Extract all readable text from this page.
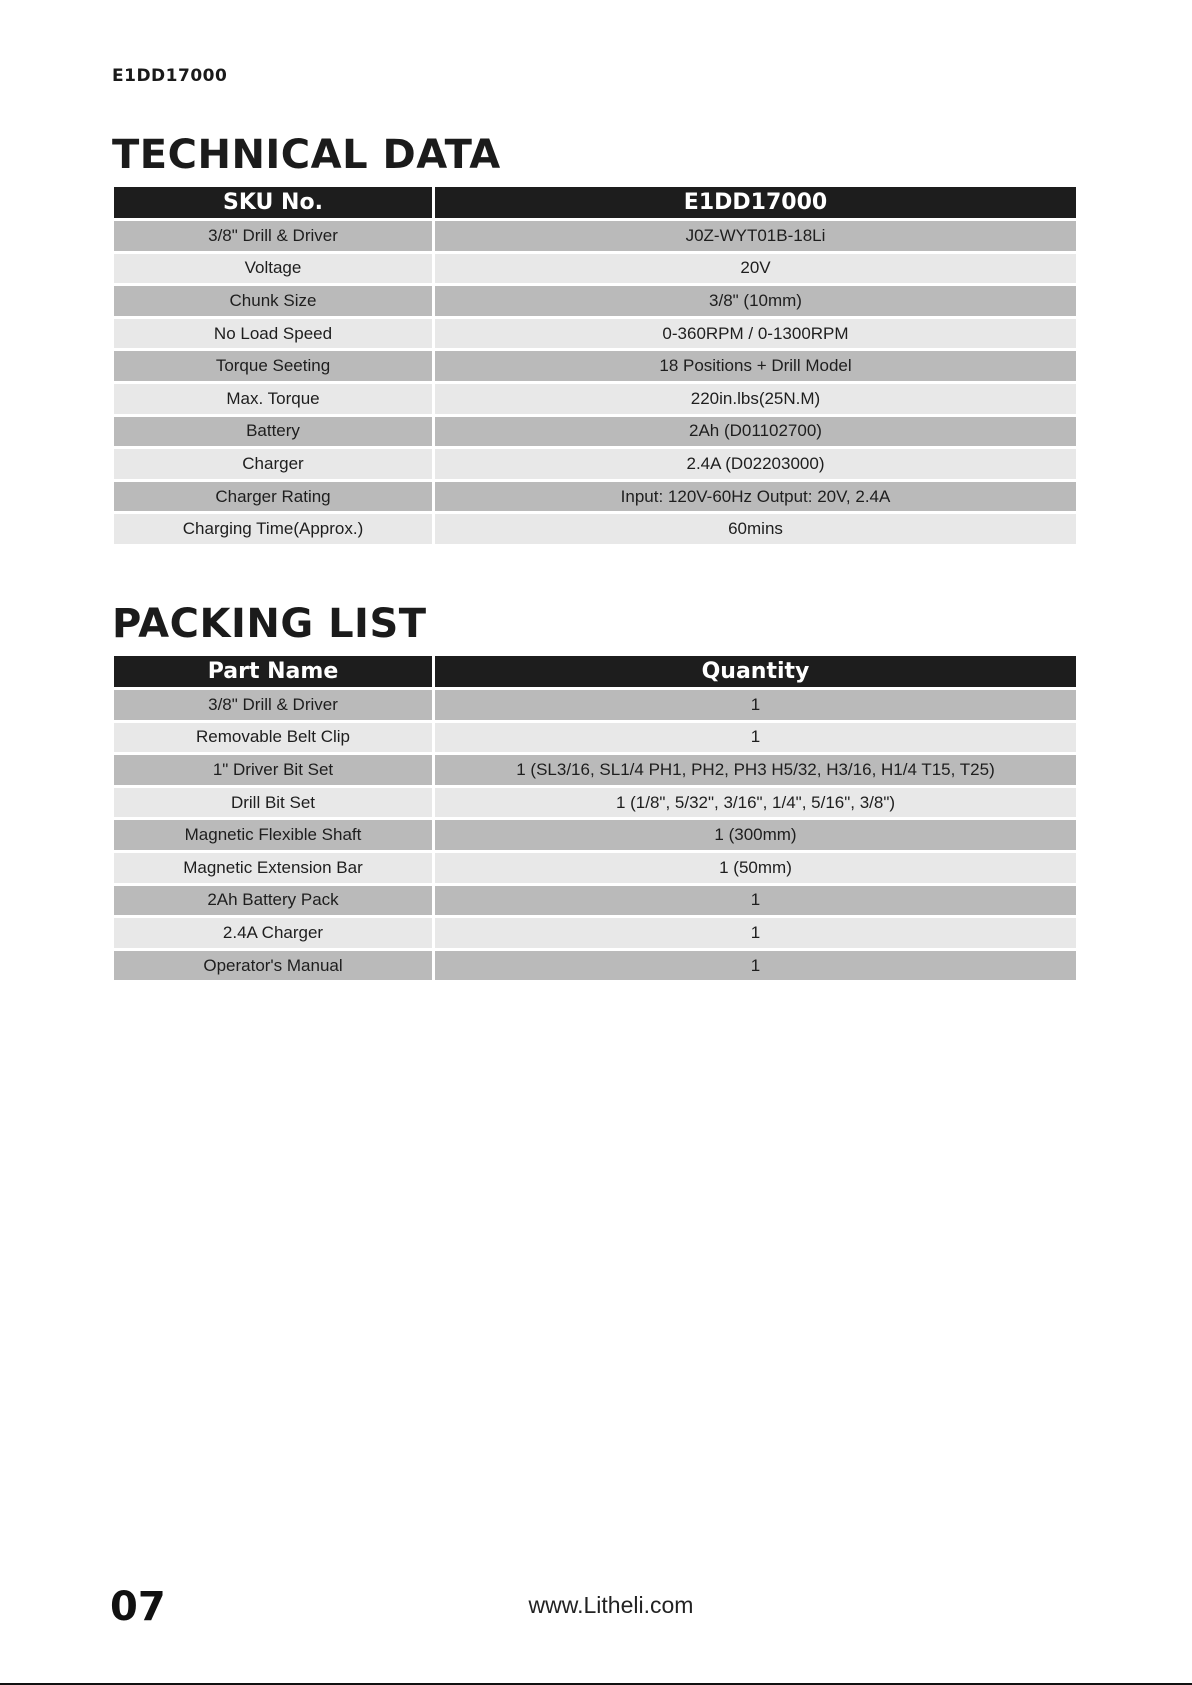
E1DD17000
TECHNICAL DATA
SKU No.	E1DD17000
3/8" Drill & Driver	J0Z-WYT01B-18Li
Voltage	20V
Chunk Size	3/8" (10mm)
No Load Speed	0-360RPM / 0-1300RPM
Torque Seeting	18 Positions + Drill Model
Max. Torque	220in.lbs(25N.M)
Battery	2Ah (D01102700)
Charger	2.4A (D02203000)
Charger Rating	Input: 120V-60Hz Output: 20V, 2.4A
Charging Time(Approx.)	60mins
PACKING LIST
Part Name	Quantity
3/8" Drill & Driver	1
Removable Belt Clip	1
1" Driver Bit Set	1 (SL3/16, SL1/4 PH1, PH2, PH3 H5/32, H3/16, H1/4 T15, T25)
Drill Bit Set	1 (1/8", 5/32", 3/16", 1/4", 5/16", 3/8")
Magnetic Flexible Shaft	1 (300mm)
Magnetic Extension Bar	1 (50mm)
2Ah Battery Pack	1
2.4A Charger	1
Operator's Manual	1
07	www.Litheli.com
